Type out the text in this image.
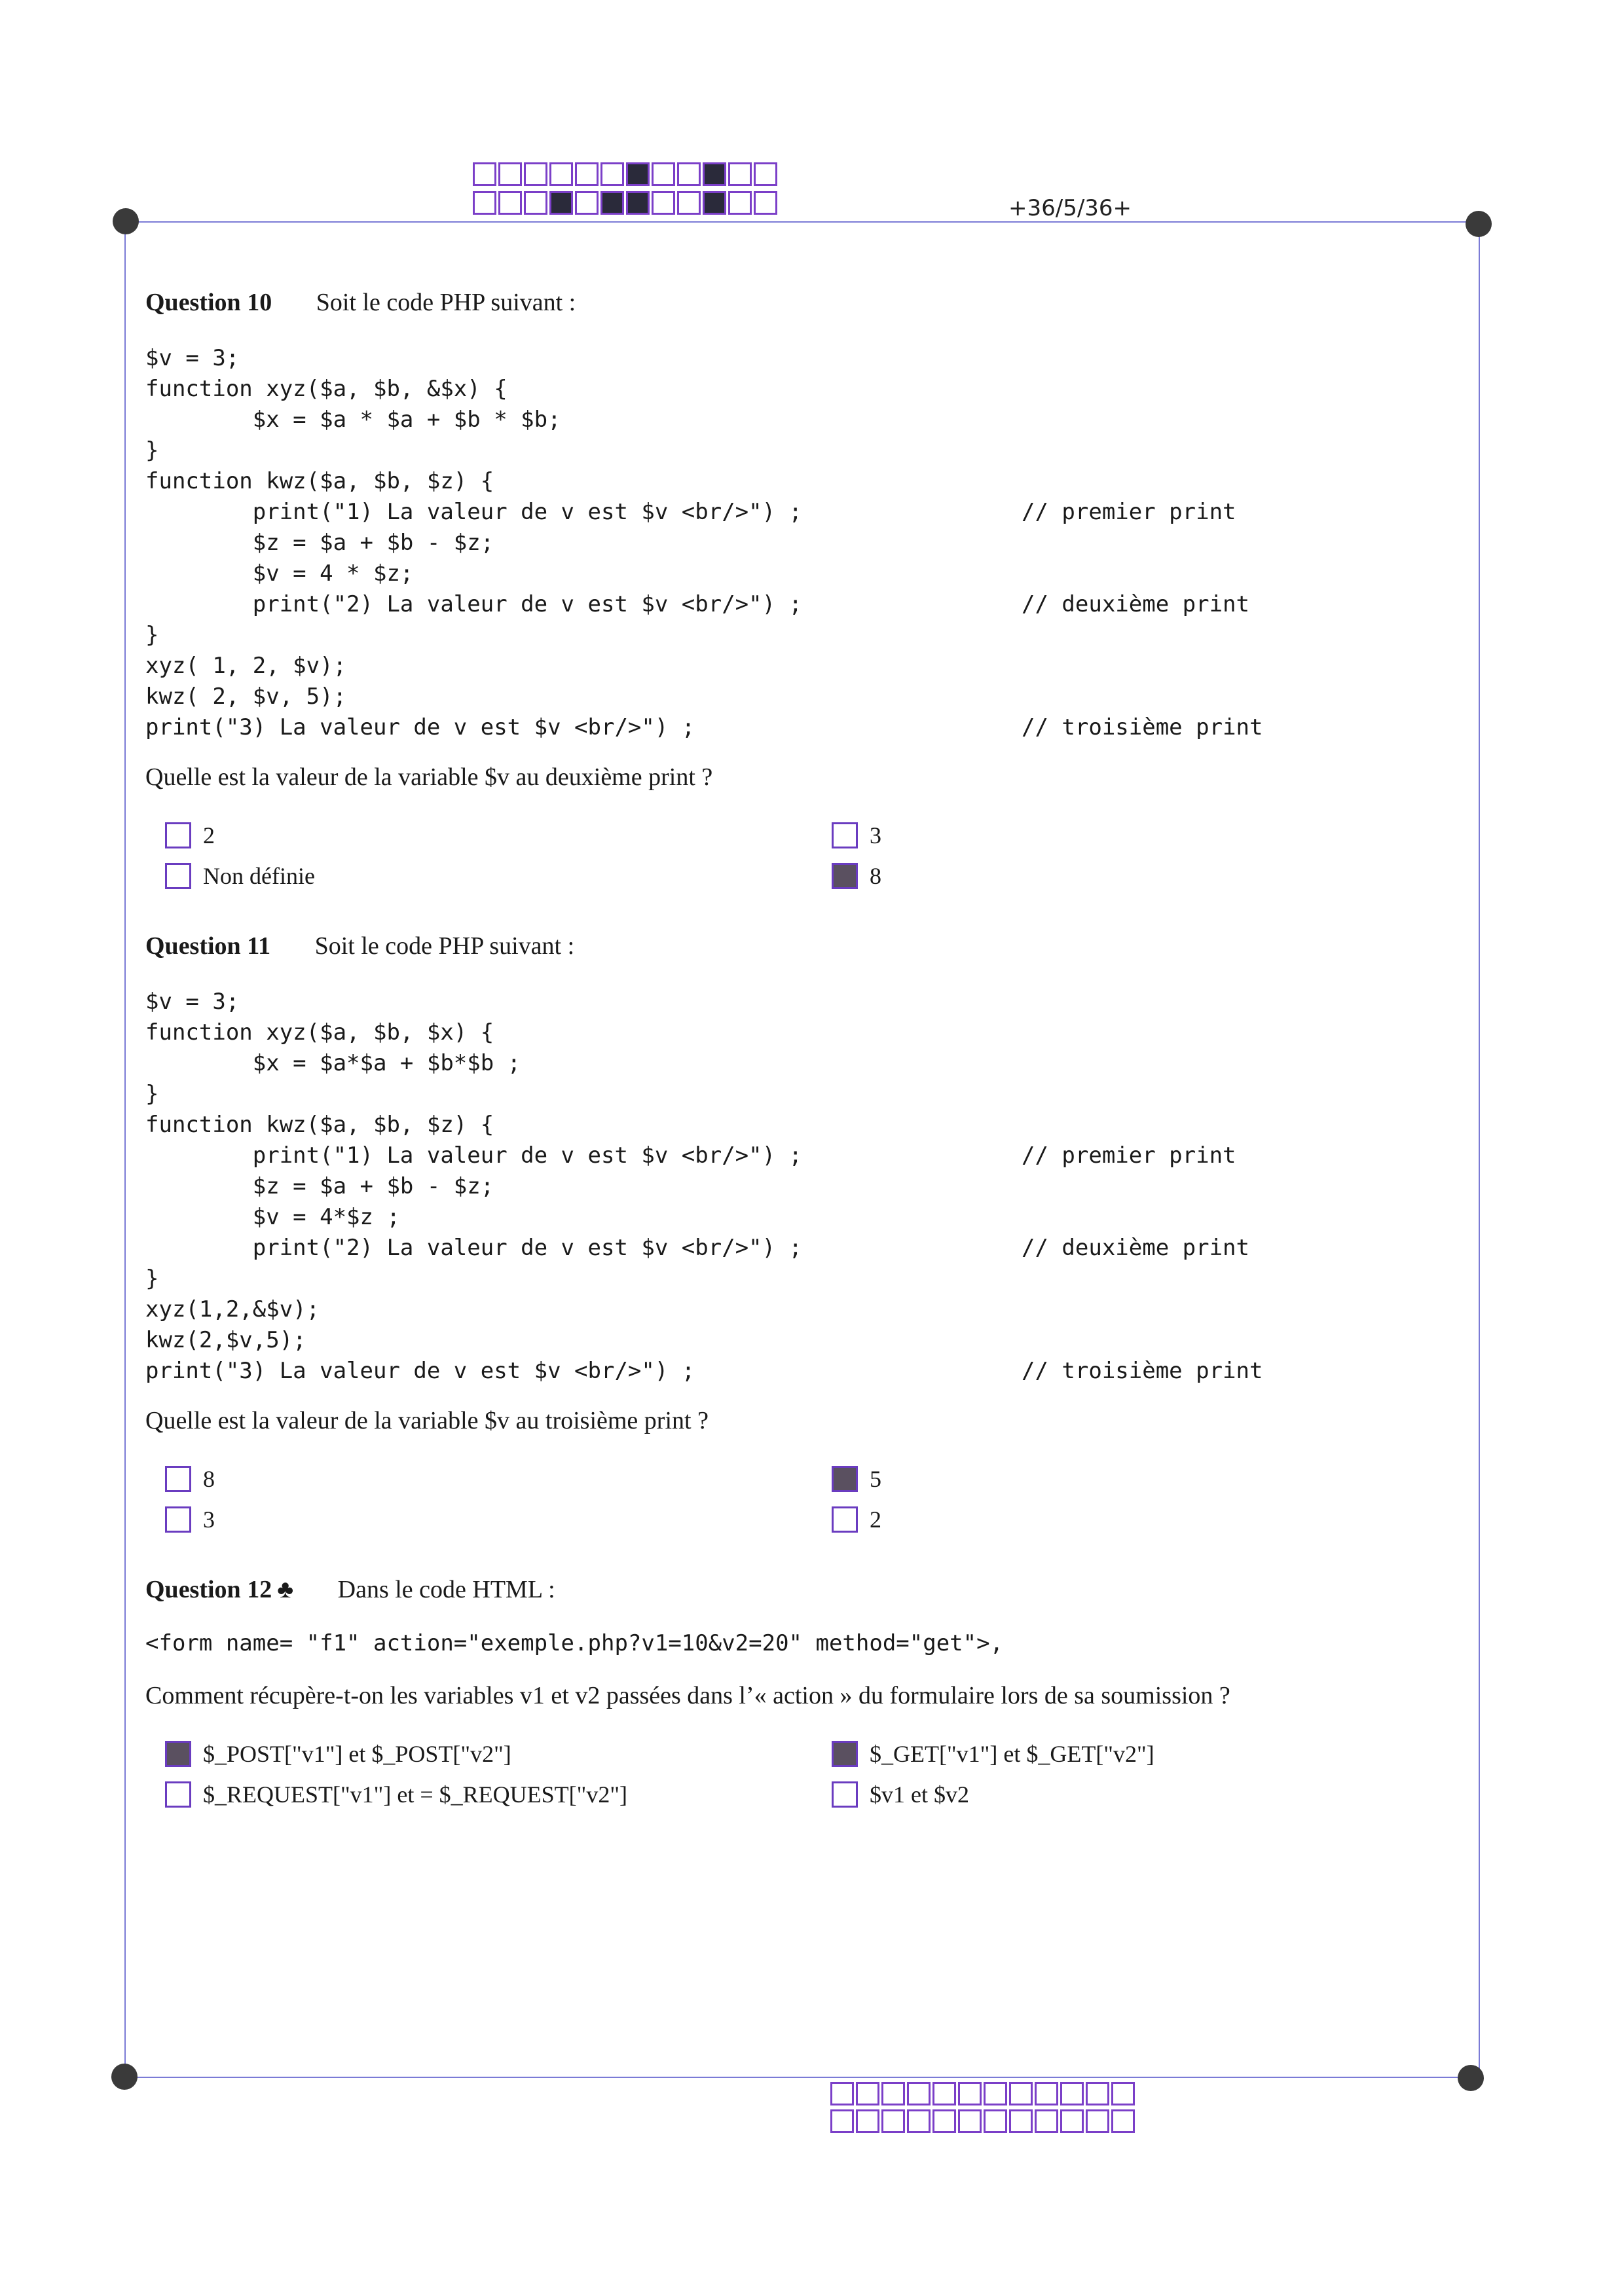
+36/5/36+
Question 10 Soit le code PHP suivant :
$v = 3;
function xyz($a, $b, &$x) {
$x = $a * $a + $b * $b;
}
function kwz($a, $b, $z) {
print("1) La valeur de v est $v <br/>") ;	// premier print
$z = $a + $b - $z;
$v = 4 * $z;
print("2) La valeur de v est $v <br/>") ;	// deuxième print
}
xyz( 1, 2, $v);
kwz( 2, $v, 5);
print("3) La valeur de v est $v <br/>") ;	// troisième print
Quelle est la valeur de la variable $v au deuxième print ?
2	3
Non définie	8
Question 11 Soit le code PHP suivant :
$v = 3;
function xyz($a, $b, $x) {
$x = $a*$a + $b*$b ;
}
function kwz($a, $b, $z) {
print("1) La valeur de v est $v <br/>") ;	// premier print
$z = $a + $b - $z;
$v = 4*$z ;
print("2) La valeur de v est $v <br/>") ;	// deuxième print
}
xyz(1,2,&$v);
kwz(2,$v,5);
print("3) La valeur de v est $v <br/>") ;	// troisième print
Quelle est la valeur de la variable $v au troisième print ?
8	5
3	2
Question 12 ♣ Dans le code HTML :
<form name= "f1" action="exemple.php?v1=10&v2=20" method="get">,
Comment récupère-t-on les variables v1 et v2 passées dans l’« action » du formulaire lors de sa soumission ?
$_POST["v1"] et $_POST["v2"]	$_GET["v1"] et $_GET["v2"]
$_REQUEST["v1"] et = $_REQUEST["v2"]	$v1 et $v2
